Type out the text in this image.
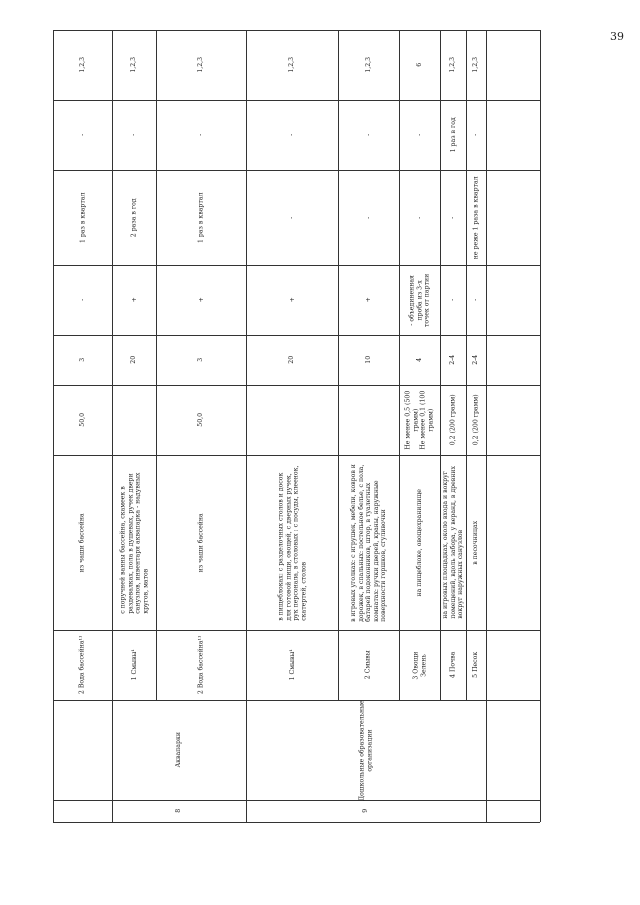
39
1,2,3
-
1 раз в квартал
-
3
50,0
из чаши бассейна
2 Вода бассейна¹¹
Аквапарки
8
1,2,3
-
2 раза в год
+
20
с поручней ванны бассейна, скамеек в
раздевалках, пола в душевых, ручек двери
санузлов, инвентаря аквапарка - надувных
кругов, матов
1 Смывы¹
1,2,3
-
1 раз в квартал
+
3
50,0
из чаши бассейна
2 Вода бассейна¹¹
Дошкольные образовательные
организации
9
1,2,3
-
-
+
20
в пищеблоках: с разделочных столов и досок
для готовой пищи, овощей, с дверных ручек,
рук персонала, в столовых : с посуды, клеенок,
скатертей, столов
1 Смывы¹
1,2,3
-
-
+
10
в игровых уголках: с игрушек, мебели, ковров и
дорожек, в спальных: постельное белье, с пола,
батарей подоконников, штор, в туалетных
комнатах: ручки дверей, краны, наружные
поверхности горшков, сгуливочки
2 Смывы
6
-
-
- объединенная
проба из 3-х
точек от партии
4
Не менее 0,5 (500
грамм)
Не менее 0,1 (100
грамм)
на пищеблоке, овощехранилище
3 Овощи
Зелень
1,2,3
1 раз в год
-
-
2-4
0,2 (200 грамм)
на игровых площадках, около входа и вокруг
помещений, вдоль забора, у веранд, в древних
вокруг наружных санузлов
4 Почва
1,2,3
-
не реже 1 раза в квартал
-
2-4
0,2 (200 грамм)
в песочницах
5 Песок
